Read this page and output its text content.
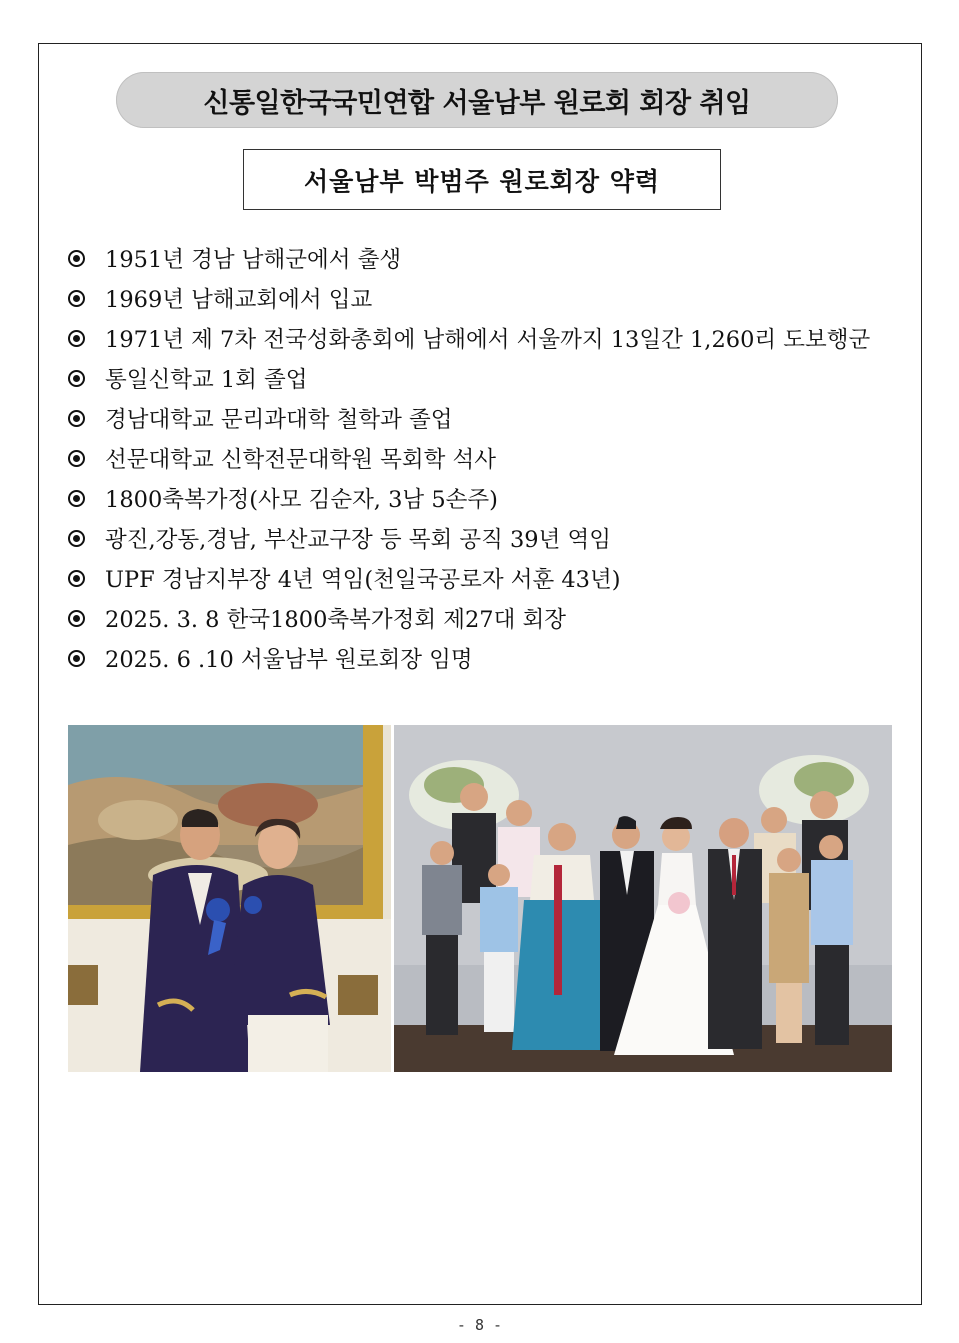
신통일한국국민연합 서울남부 원로회 회장 취임
서울남부 박범주 원로회장 약력
1951년 경남 남해군에서 출생
1969년 남해교회에서 입교
1971년 제 7차 전국성화총회에 남해에서 서울까지 13일간 1,260리 도보행군
통일신학교 1회 졸업
경남대학교 문리과대학 철학과 졸업
선문대학교 신학전문대학원 목회학 석사
1800축복가정(사모 김순자, 3남 5손주)
광진,강동,경남, 부산교구장 등 목회 공직 39년 역임
UPF 경남지부장 4년 역임(천일국공로자 서훈 43년)
2025. 3. 8 한국1800축복가정회 제27대 회장
2025. 6 .10 서울남부 원로회장 임명
- 8 -
